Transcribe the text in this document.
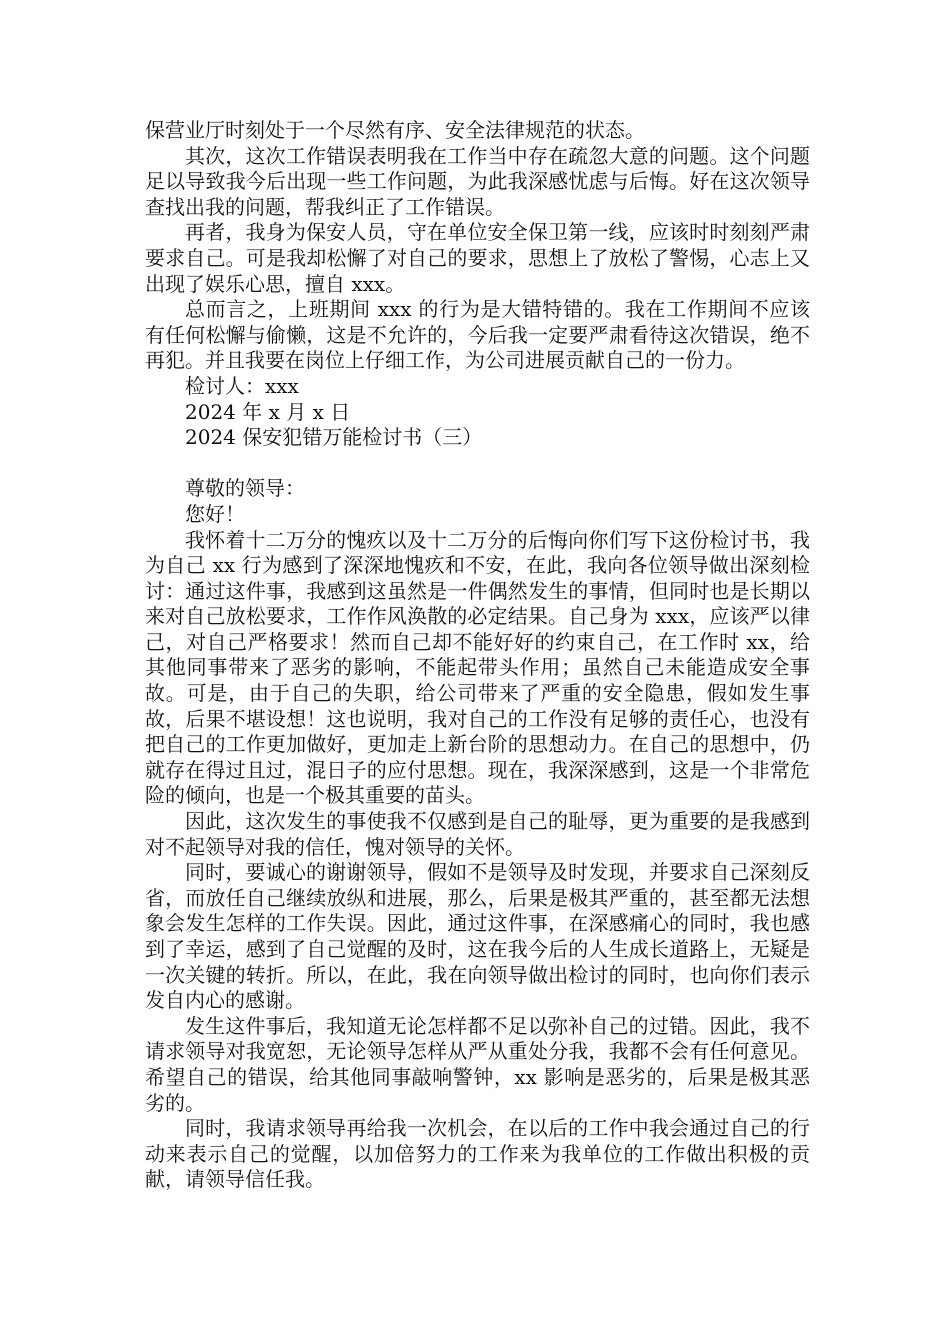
保营业厅时刻处于一个尽然有序、安全法律规范的状态。

其次，这次工作错误表明我在工作当中存在疏忽大意的问题。这个问题足以导致我今后出现一些工作问题，为此我深感忧虑与后悔。好在这次领导查找出我的问题，帮我纠正了工作错误。

再者，我身为保安人员，守在单位安全保卫第一线，应该时时刻刻严肃要求自己。可是我却松懈了对自己的要求，思想上了放松了警惕，心志上又出现了娱乐心思，擅自 xxx。

总而言之，上班期间 xxx 的行为是大错特错的。我在工作期间不应该有任何松懈与偷懒，这是不允许的，今后我一定要严肃看待这次错误，绝不再犯。并且我要在岗位上仔细工作，为公司进展贡献自己的一份力。

检讨人：xxx

2024 年 x 月 x 日

2024 保安犯错万能检讨书（三）

尊敬的领导：

您好！

我怀着十二万分的愧疚以及十二万分的后悔向你们写下这份检讨书，我为自己 xx 行为感到了深深地愧疚和不安，在此，我向各位领导做出深刻检讨：通过这件事，我感到这虽然是一件偶然发生的事情，但同时也是长期以来对自己放松要求，工作作风涣散的必定结果。自己身为 xxx，应该严以律己，对自己严格要求！然而自己却不能好好的约束自己，在工作时 xx，给其他同事带来了恶劣的影响，不能起带头作用；虽然自己未能造成安全事故。可是，由于自己的失职，给公司带来了严重的安全隐患，假如发生事故，后果不堪设想！这也说明，我对自己的工作没有足够的责任心，也没有把自己的工作更加做好，更加走上新台阶的思想动力。在自己的思想中，仍就存在得过且过，混日子的应付思想。现在，我深深感到，这是一个非常危险的倾向，也是一个极其重要的苗头。

因此，这次发生的事使我不仅感到是自己的耻辱，更为重要的是我感到对不起领导对我的信任，愧对领导的关怀。

同时，要诚心的谢谢领导，假如不是领导及时发现，并要求自己深刻反省，而放任自己继续放纵和进展，那么，后果是极其严重的，甚至都无法想象会发生怎样的工作失误。因此，通过这件事，在深感痛心的同时，我也感到了幸运，感到了自己觉醒的及时，这在我今后的人生成长道路上，无疑是一次关键的转折。所以，在此，我在向领导做出检讨的同时，也向你们表示发自内心的感谢。

发生这件事后，我知道无论怎样都不足以弥补自己的过错。因此，我不请求领导对我宽恕，无论领导怎样从严从重处分我，我都不会有任何意见。希望自己的错误，给其他同事敲响警钟，xx 影响是恶劣的，后果是极其恶劣的。

同时，我请求领导再给我一次机会，在以后的工作中我会通过自己的行动来表示自己的觉醒，以加倍努力的工作来为我单位的工作做出积极的贡献，请领导信任我。
